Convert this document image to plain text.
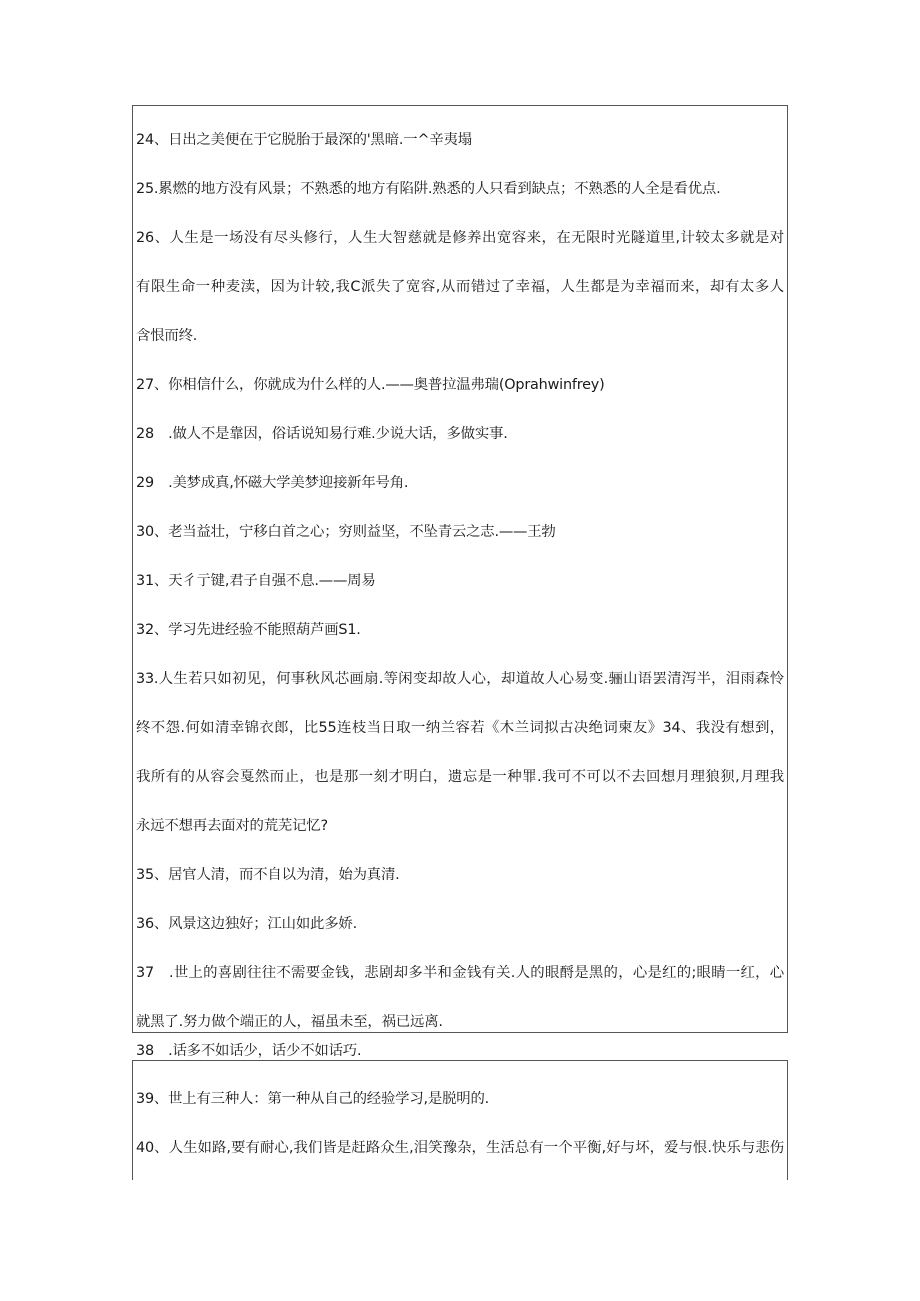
24、日出之美便在于它脱胎于最深的'黑暗.一^辛夷塌
25.累燃的地方没有风景；不熟悉的地方有陷阱.熟悉的人只看到缺点；不熟悉的人全是看优点.
26、人生是一场没有尽头修行，人生大智慈就是修养出宽容来，在无限时光隧道里,计较太多就是对
有限生命一种麦渎，因为计较,我C派失了宽容,从而错过了幸福，人生都是为幸福而来，却有太多人
含恨而终.
27、你相信什么，你就成为什么样的人.——奥普拉温弗瑞(Oprahwinfrey)
28　.做人不是靠因，俗话说知易行难.少说大话，多做实事.
29　.美梦成真,怀磁大学美梦迎接新年号角.
30、老当益壮，宁移白首之心；穷则益坚，不坠青云之志.——王勃
31、天彳亍键,君子自强不息.——周易
32、学习先进经验不能照葫芦画S1.
33.人生若只如初见，何事秋风芯画扇.等闲变却故人心，却道故人心易变.骊山语罢清泻半，泪雨森怜
终不怨.何如清幸锦衣郎，比55连枝当日取一纳兰容若《木兰词拟古决绝词柬友》34、我没有想到，
我所有的从容会戛然而止，也是那一刻才明白，遗忘是一种罪.我可不可以不去回想月理狼狈,月理我
永远不想再去面对的荒芜记忆?
35、居官人清，而不自以为清，始为真清.
36、风景这边独好；江山如此多娇.
37　.世上的喜剧往往不需要金钱，悲剧却多半和金钱有关.人的眼酹是黑的，心是红的;眼睛一红，心
就黑了.努力做个端正的人，福虽未至，祸已远离.
38　.话多不如话少，话少不如话巧.
39、世上有三种人：第一种从自己的经验学习,是脱明的.
40、人生如路,要有耐心,我们皆是赶路众生,泪笑豫杂，生活总有一个平衡,好与坏，爱与恨.快乐与悲伤
